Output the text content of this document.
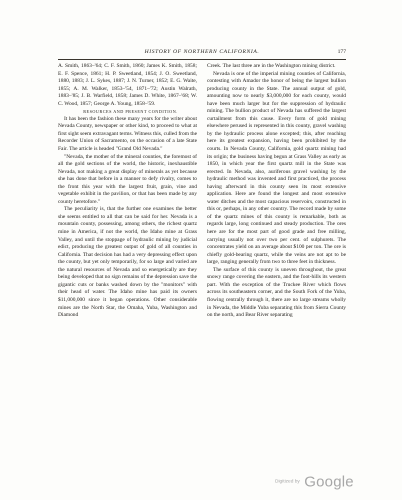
HISTORY OF NORTHERN CALIFORNIA.	177

A. Smith, 1863–'64; C. F. Smith, 1860; James K. Smith, 1858; E. F. Spence, 1861; H. P. Sweetland, 1854; J. O. Sweetland, 1880, 1883; J. L. Sykes, 1887; J. N. Turner, 1852; E. G. Waite, 1855; A. M. Walker, 1853–'54, 1871–'72; Austin Walrath, 1883–'85; J. B. Warfield, 1858; James D. White, 1867–'68; W. C. Wood, 1857; George A. Young, 1858–'59.

RESOURCES AND PRESENT CONDITION.

It has been the fashion these many years for the writer about Nevada County, newspaper or other kind, to proceed to what at first sight seem extravagant terms. Witness this, culled from the Recorder Union of Sacramento, on the occasion of a late State Fair. The article is headed "Grand Old Nevada."

"Nevada, the mother of the mineral counties, the foremost of all the gold sections of the world, the historic, inexhaustible Nevada, not making a great display of minerals as yet because she has done that before in a manner to defy rivalry, comes to the front this year with the largest fruit, grain, vine and vegetable exhibit in the pavilion, or that has been made by any county heretofore."

The peculiarity is, that the further one examines the better she seems entitled to all that can be said for her. Nevada is a mountain county, possessing, among others, the richest quartz mine in America, if not the world, the Idaho mine at Grass Valley, and until the stoppage of hydraulic mining by judicial edict, producing the greatest output of gold of all counties in California. That decision has had a very depressing effect upon the county, but yet only temporarily, for so large and varied are the natural resources of Nevada and so energetically are they being developed that no sign remains of the depression save the gigantic cuts or banks washed down by the "monitors" with their head of water. The Idaho mine has paid its owners $11,000,000 since it began operations. Other considerable mines are the North Star, the Omaha, Yuba, Washington and Diamond

Creek. The last three are in the Washington mining district.

Nevada is one of the imperial mining counties of California, contesting with Amador the honor of being the largest bullion producing county in the State. The annual output of gold, amounting now to nearly $3,000,000 for each county, would have been much larger but for the suppression of hydraulic mining. The bullion product of Nevada has suffered the largest curtailment from this cause. Every form of gold mining elsewhere perused is represented in this county, gravel washing by the hydraulic process alone excepted; this, after reaching here its greatest expansion, having been prohibited by the courts. In Nevada County, California, gold quartz mining had its origin; the business having begun at Grass Valley as early as 1850, in which year the first quartz mill in the State was erected. In Nevada, also, auriferous gravel washing by the hydraulic method was invented and first practiced, the process having afterward in this county seen its most extensive application. Here are found the longest and most extensive water ditches and the most capacious reservoirs, constructed in this or, perhaps, in any other country. The record made by some of the quartz mines of this county is remarkable, both as regards large, long continued and steady production. The ores here are for the most part of good grade and free milling, carrying usually not over two per cent. of sulphurets. The concentrates yield on an average about $100 per ton. The ore is chiefly gold-bearing quartz, while the veins are not apt to be large, ranging generally from two to three feet in thickness.

The surface of this county is uneven throughout, the great snowy range covering the eastern, and the foot-hills its western part. With the exception of the Truckee River which flows across its southeastern corner, and the South Fork of the Yuba, flowing centrally through it, there are no large streams wholly in Nevada, the Middle Yuba separating this from Sierra County on the north, and Bear River separating

Digitized by Google
